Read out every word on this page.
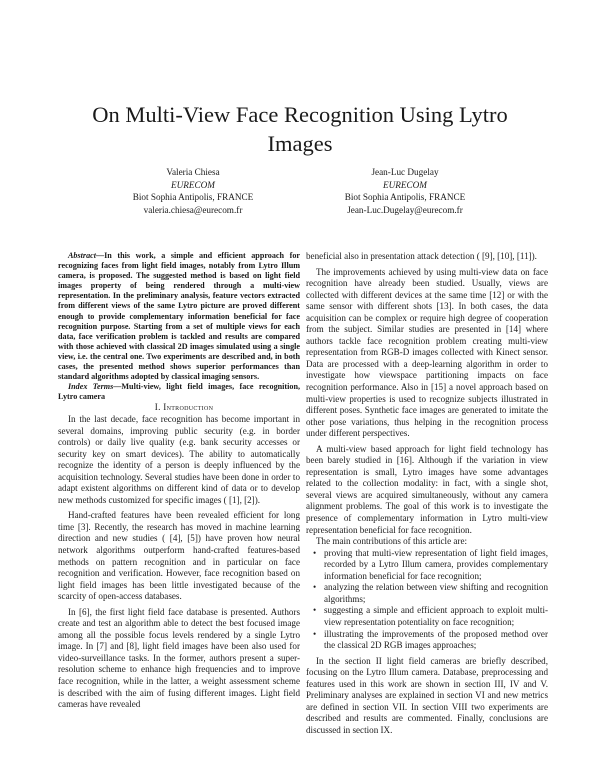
On Multi-View Face Recognition Using Lytro Images
Valeria Chiesa
EURECOM
Biot Sophia Antipolis, FRANCE
valeria.chiesa@eurecom.fr
Jean-Luc Dugelay
EURECOM
Biot Sophia Antipolis, FRANCE
Jean-Luc.Dugelay@eurecom.fr

Abstract—In this work, a simple and efficient approach for recognizing faces from light field images, notably from Lytro Illum camera, is proposed. The suggested method is based on light field images property of being rendered through a multi-view representation. In the preliminary analysis, feature vectors extracted from different views of the same Lytro picture are proved different enough to provide complementary information beneficial for face recognition purpose. Starting from a set of multiple views for each data, face verification problem is tackled and results are compared with those achieved with classical 2D images simulated using a single view, i.e. the central one. Two experiments are described and, in both cases, the presented method shows superior performances than standard algorithms adopted by classical imaging sensors.

Index Terms—Multi-view, light field images, face recognition, Lytro camera

I. Introduction

In the last decade, face recognition has become important in several domains, improving public security (e.g. in border controls) or daily live quality (e.g. bank security accesses or security key on smart devices). The ability to automatically recognize the identity of a person is deeply influenced by the acquisition technology. Several studies have been done in order to adapt existent algorithms on different kind of data or to develop new methods customized for specific images ( [1], [2]).

Hand-crafted features have been revealed efficient for long time [3]. Recently, the research has moved in machine learning direction and new studies ( [4], [5]) have proven how neural network algorithms outperform hand-crafted features-based methods on pattern recognition and in particular on face recognition and verification. However, face recognition based on light field images has been little investigated because of the scarcity of open-access databases.

In [6], the first light field face database is presented. Authors create and test an algorithm able to detect the best focused image among all the possible focus levels rendered by a single Lytro image. In [7] and [8], light field images have been also used for video-surveillance tasks. In the former, authors present a super-resolution scheme to enhance high frequencies and to improve face recognition, while in the latter, a weight assessment scheme is described with the aim of fusing different images. Light field cameras have revealed

beneficial also in presentation attack detection ( [9], [10], [11]).

The improvements achieved by using multi-view data on face recognition have already been studied. Usually, views are collected with different devices at the same time [12] or with the same sensor with different shots [13]. In both cases, the data acquisition can be complex or require high degree of cooperation from the subject. Similar studies are presented in [14] where authors tackle face recognition problem creating multi-view representation from RGB-D images collected with Kinect sensor. Data are processed with a deep-learning algorithm in order to investigate how viewspace partitioning impacts on face recognition performance. Also in [15] a novel approach based on multi-view properties is used to recognize subjects illustrated in different poses. Synthetic face images are generated to imitate the other pose variations, thus helping in the recognition process under different perspectives.

A multi-view based approach for light field technology has been barely studied in [16]. Although if the variation in view representation is small, Lytro images have some advantages related to the collection modality: in fact, with a single shot, several views are acquired simultaneously, without any camera alignment problems. The goal of this work is to investigate the presence of complementary information in Lytro multi-view representation beneficial for face recognition.

The main contributions of this article are:

• proving that multi-view representation of light field images, recorded by a Lytro Illum camera, provides complementary information beneficial for face recognition;
• analyzing the relation between view shifting and recognition algorithms;
• suggesting a simple and efficient approach to exploit multi-view representation potentiality on face recognition;
• illustrating the improvements of the proposed method over the classical 2D RGB images approaches;

In the section II light field cameras are briefly described, focusing on the Lytro Illum camera. Database, preprocessing and features used in this work are shown in section III, IV and V. Preliminary analyses are explained in section VI and new metrics are defined in section VII. In section VIII two experiments are described and results are commented. Finally, conclusions are discussed in section IX.
